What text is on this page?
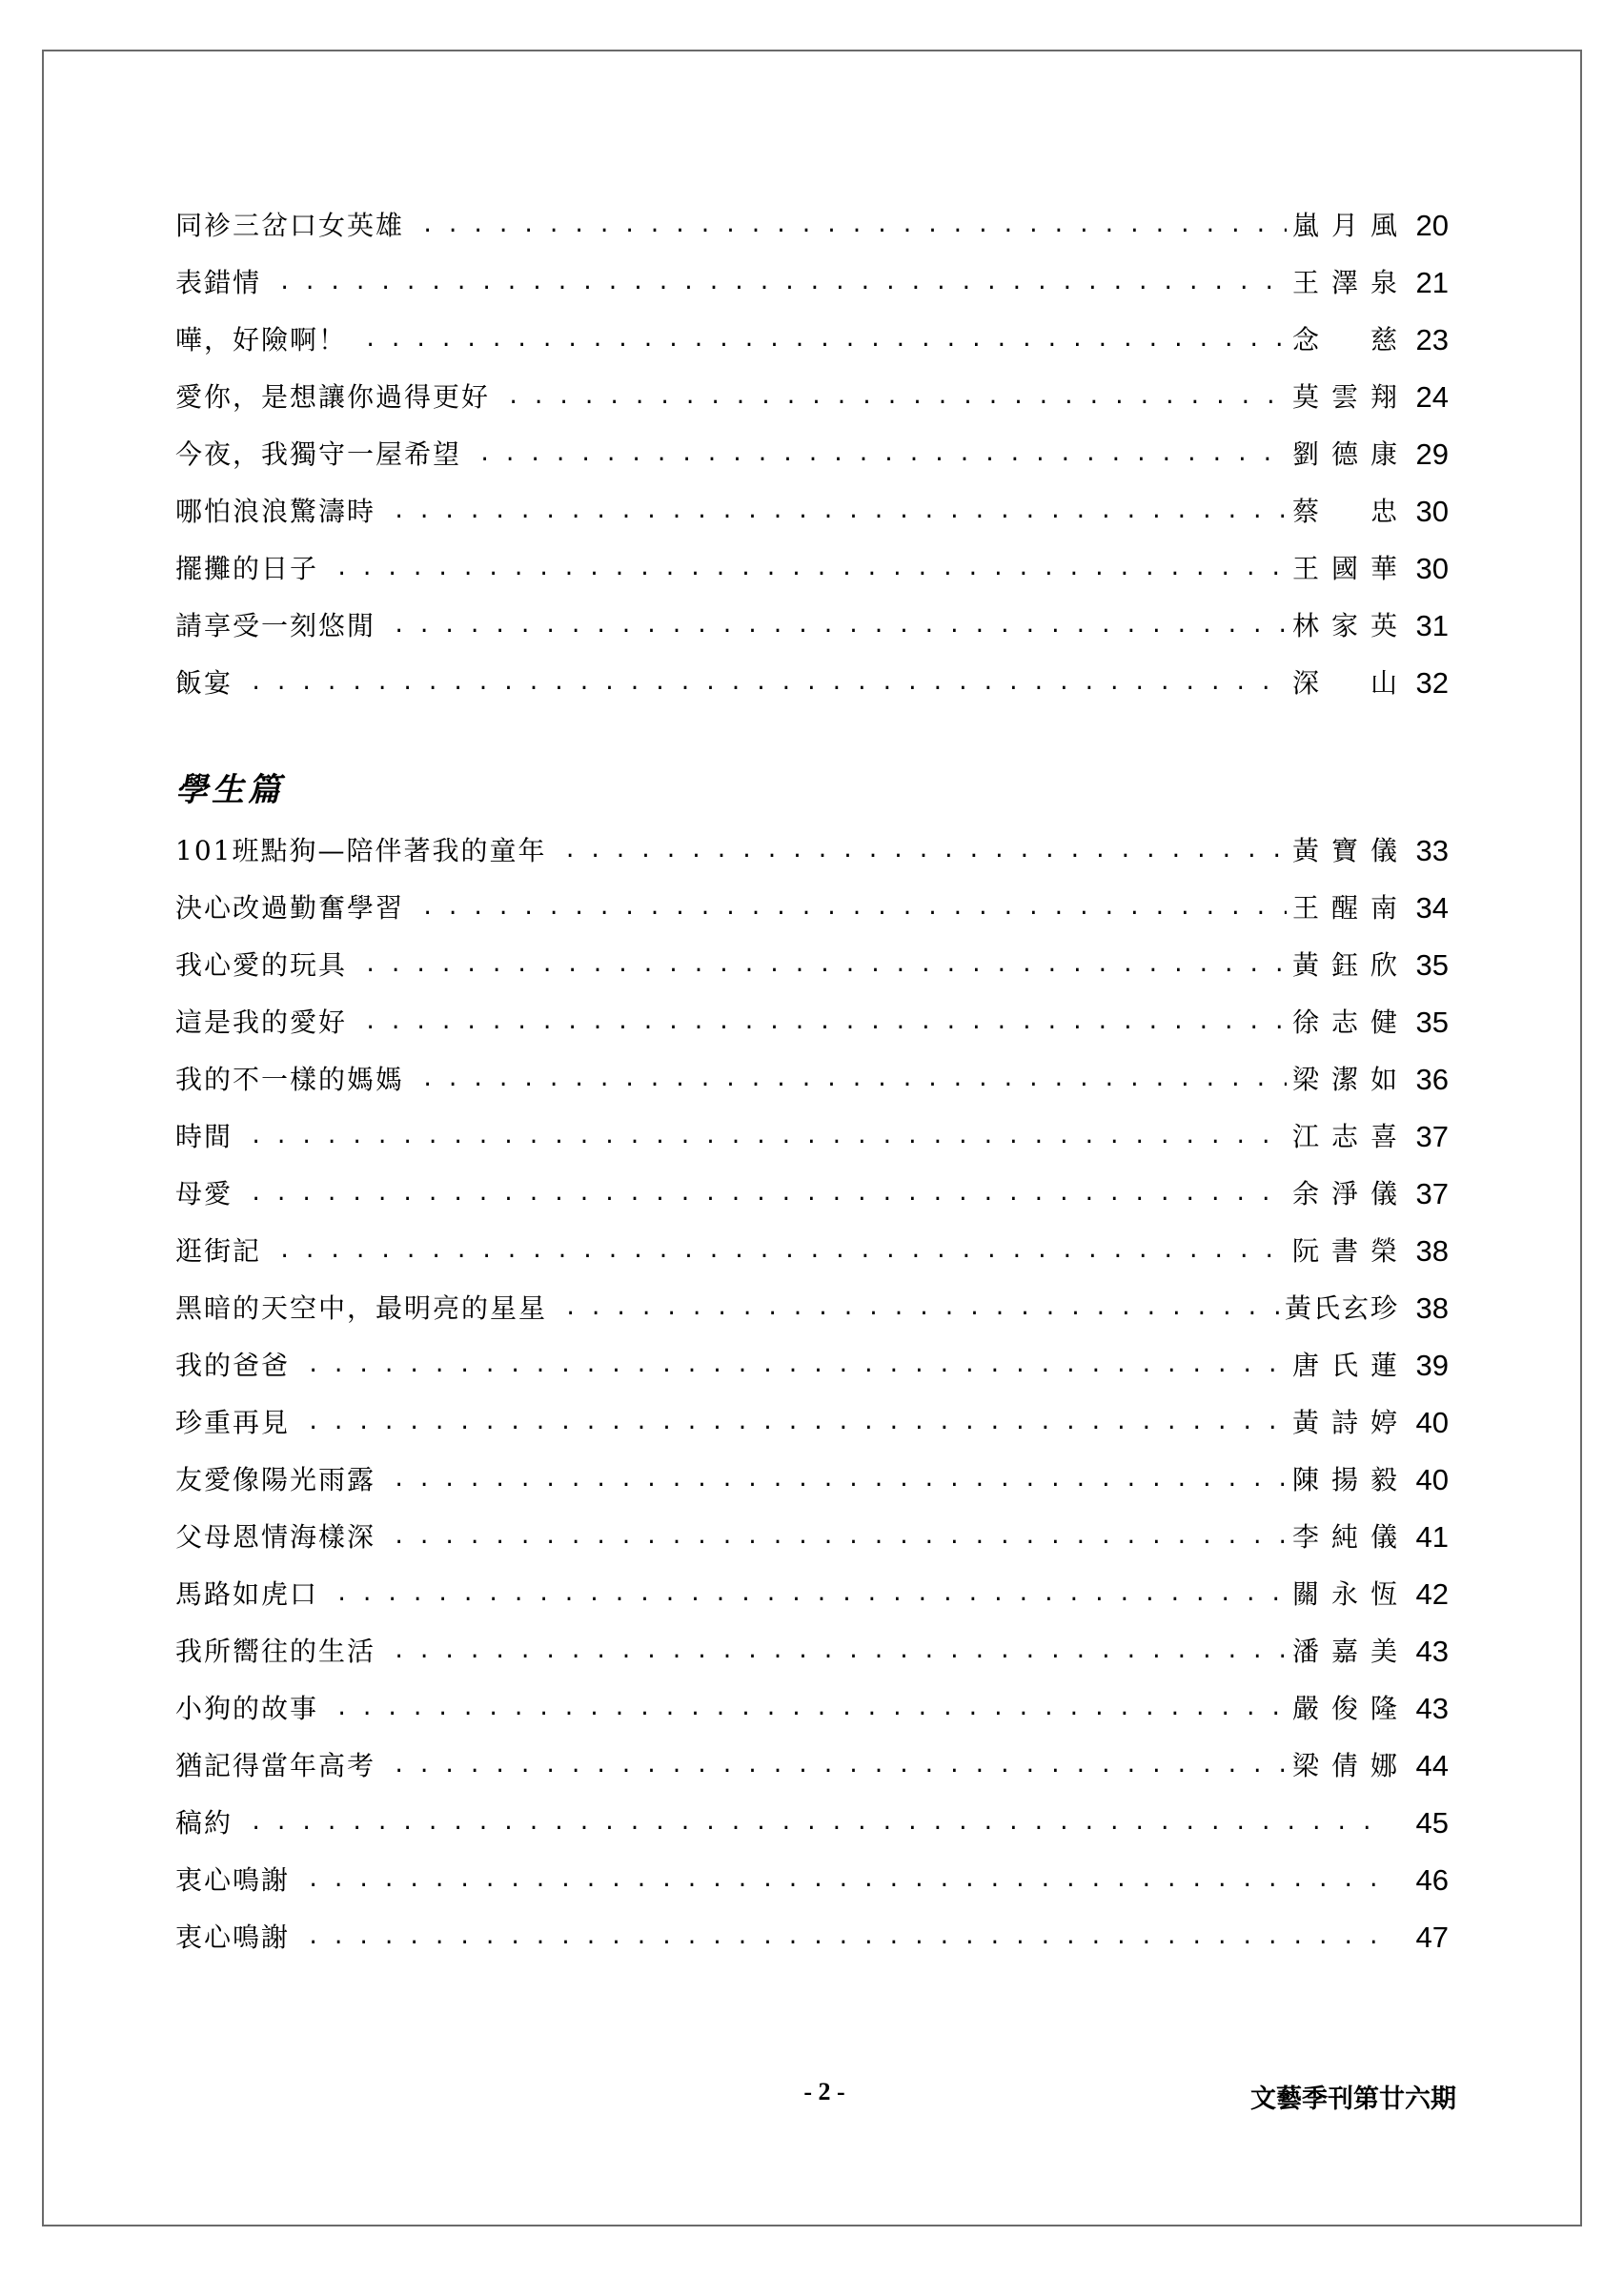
同袗三岔口女英雄 . . .	嵐月風 20
表錯情 . . .	王澤泉 21
嘩，好險啊！ . . .	念　慈 23
愛你，是想讓你過得更好 . . .	莫雲翔 24
今夜，我獨守一屋希望 . . .	劉德康 29
哪怕浪浪驚濤時 . . .	蔡　忠 30
擺攤的日子 . . .	王國華 30
請享受一刻悠閒 . . .	林家英 31
飯宴 . . .	深　山 32
學生篇
101班點狗—陪伴著我的童年 . . .	黃寶儀 33
決心改過勤奮學習 . . .	王醒南 34
我心愛的玩具 . . .	黃鈺欣 35
這是我的愛好 . . .	徐志健 35
我的不一樣的媽媽 . . .	梁潔如 36
時間 . . .	江志喜 37
母愛 . . .	余淨儀 37
逛街記 . . .	阮書榮 38
黑暗的天空中，最明亮的星星 . . .	黃氏玄珍 38
我的爸爸 . . .	唐氏蓮 39
珍重再見 . . .	黃詩婷 40
友愛像陽光雨露 . . .	陳揚毅 40
父母恩情海樣深 . . .	李純儀 41
馬路如虎口 . . .	關永恆 42
我所嚮往的生活 . . .	潘嘉美 43
小狗的故事 . . .	嚴俊隆 43
猶記得當年高考 . . .	梁倩娜 44
稿約 . . .	45
衷心鳴謝 . . .	46
衷心鳴謝 . . .	47
- 2 -	文藝季刊第廿六期
